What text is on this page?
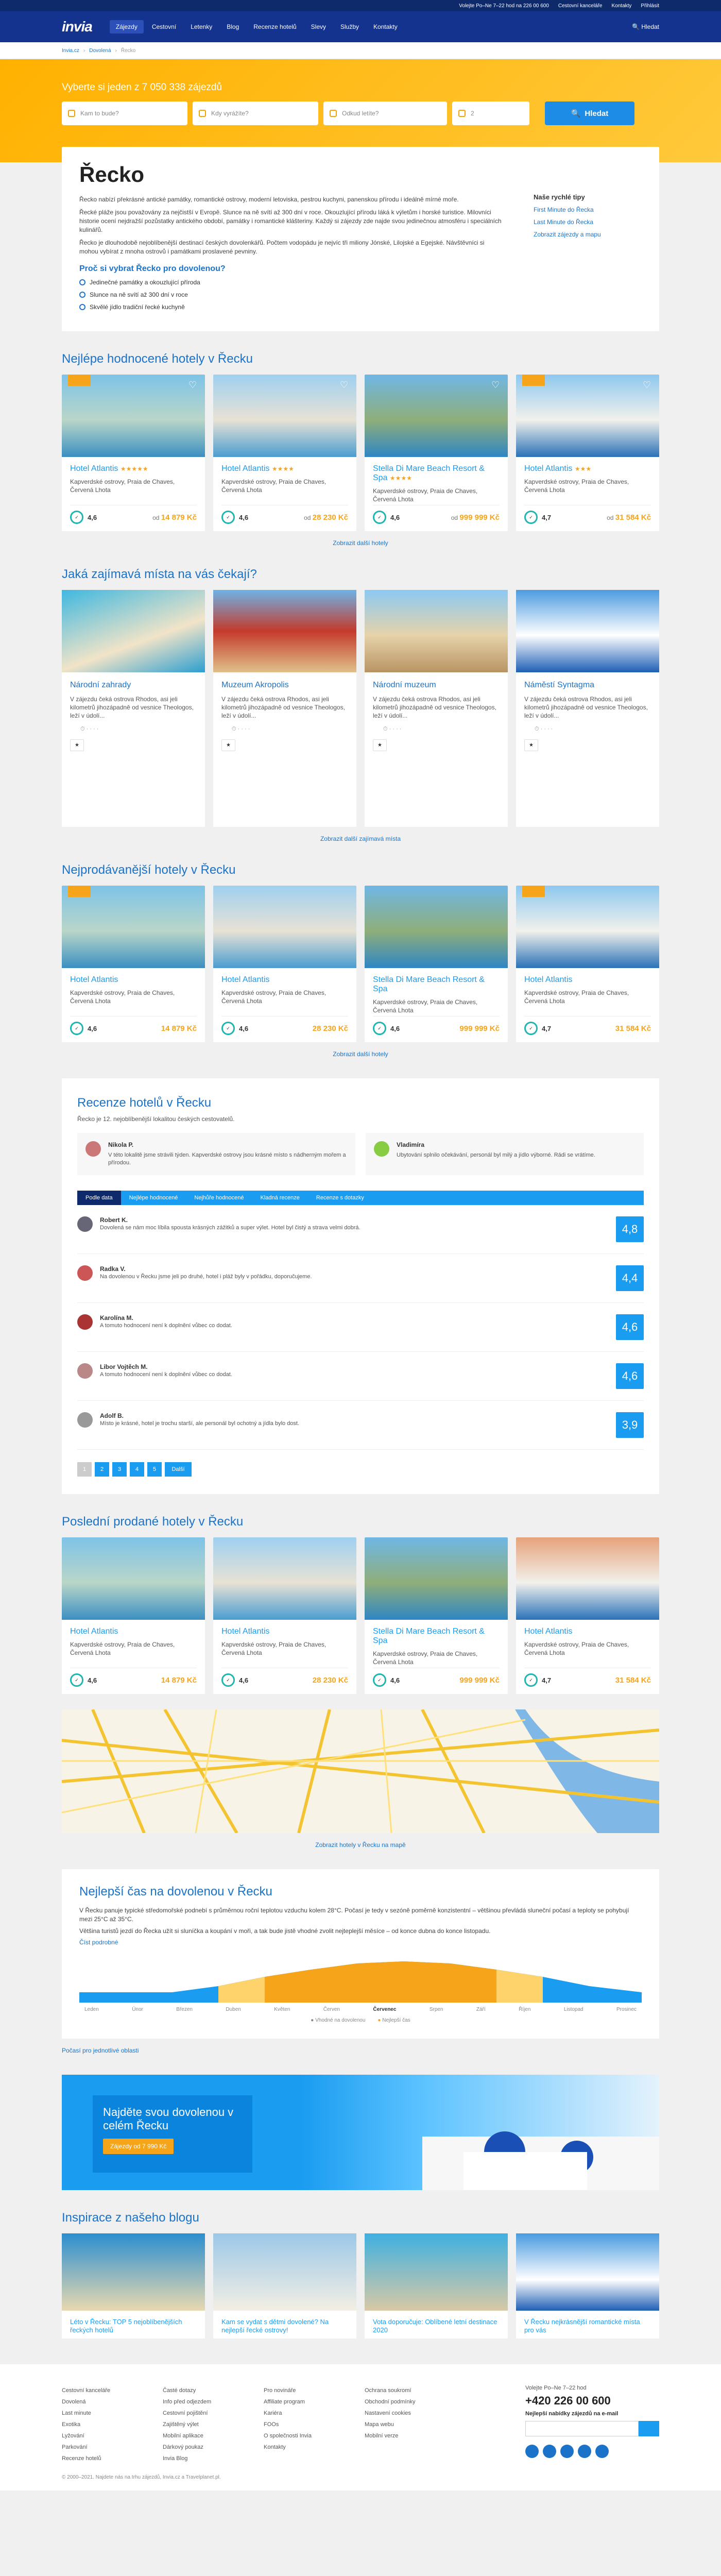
Volejte Po–Ne 7–22 hod na 226 00 600 Cestovní kanceláře Kontakty Přihlásit
invia	Zájezdy	Cestovní	Letenky	Blog	Recenze hotelů	Slevy	Služby	Kontakty	🔍 Hledat
Invia.cz › Dovolená › Řecko
Vyberte si jeden z 7 050 338 zájezdů
Kam to bude?	Kdy vyrážíte?	Odkud letíte?	2	🔍 Hledat
Řecko

Řecko nabízí překrásné antické památky, romantické ostrovy, moderní letoviska, pestrou kuchyni, panenskou přírodu i ideálně mírné moře.

Řecké pláže jsou považovány za nejčistší v Evropě. Slunce na ně svítí až 300 dní v roce. Okouzlující přírodu láká k výletům i horské turistice. Milovníci historie ocení nejdražší pozůstatky antického období, památky i romantické klášteriny. Každý si zájezdy zde najde svou jedinečnou atmosféru i speciálních kulinářů.

Řecko je dlouhodobě nejoblíbenější destinací českých dovolenkářů. Počtem vodopádu je nejvíc tři miliony Jónské, Lilojské a Egejské. Návštěvníci si mohou vybírat z mnoha ostrovů i památkami proslavené pevniny.

Proč si vybrat Řecko pro dovolenou?
Jedinečné památky a okouzlující příroda
Slunce na ně svítí až 300 dní v roce
Skvělé jídlo tradiční řecké kuchyně
Naše rychlé tipy
First Minute do Řecka
Last Minute do Řecka
Zobrazit zájezdy a mapu
Nejlépe hodnocené hotely v Řecku
♡
Hotel Atlantis ★★★★★
Kapverdské ostrovy, Praia de Chaves, Červená Lhota
✓	4,6	od 14 879 Kč
♡
Hotel Atlantis ★★★★
Kapverdské ostrovy, Praia de Chaves, Červená Lhota
✓	4,6	od 28 230 Kč
♡
Stella Di Mare Beach Resort & Spa ★★★★
Kapverdské ostrovy, Praia de Chaves, Červená Lhota
✓	4,6	od 999 999 Kč
♡
Hotel Atlantis ★★★
Kapverdské ostrovy, Praia de Chaves, Červená Lhota
✓	4,7	od 31 584 Kč
Zobrazit další hotely
Jaká zajímavá místa na vás čekají?
Národní zahrady
V zájezdu čeká ostrova Rhodos, asi jeli kilometrů jihozápadně od vesnice Theologos, leží v údolí...
⏱ · · · ·
★
Muzeum Akropolis
V zájezdu čeká ostrova Rhodos, asi jeli kilometrů jihozápadně od vesnice Theologos, leží v údolí...
⏱ · · · ·
★
Národní muzeum
V zájezdu čeká ostrova Rhodos, asi jeli kilometrů jihozápadně od vesnice Theologos, leží v údolí...
⏱ · · · ·
★
Náměstí Syntagma
V zájezdu čeká ostrova Rhodos, asi jeli kilometrů jihozápadně od vesnice Theologos, leží v údolí...
⏱ · · · ·
★
Zobrazit další zajímavá místa
Nejprodávanější hotely v Řecku
Hotel Atlantis
Kapverdské ostrovy, Praia de Chaves, Červená Lhota
✓	4,6	14 879 Kč
Hotel Atlantis
Kapverdské ostrovy, Praia de Chaves, Červená Lhota
✓	4,6	28 230 Kč
Stella Di Mare Beach Resort & Spa
Kapverdské ostrovy, Praia de Chaves, Červená Lhota
✓	4,6	999 999 Kč
Hotel Atlantis
Kapverdské ostrovy, Praia de Chaves, Červená Lhota
✓	4,7	31 584 Kč
Zobrazit další hotely
Recenze hotelů v Řecku
Řecko je 12. nejoblíbenější lokalitou českých cestovatelů.
Nikola P.
V této lokalitě jsme strávili týden. Kapverdské ostrovy jsou krásné místo s nádherným mořem a přírodou.
Vladimíra
Ubytování splnilo očekávání, personál byl milý a jídlo výborné. Rádi se vrátíme.
Podle data	Nejlépe hodnocené	Nejhůře hodnocené	Kladná recenze	Recenze s dotazky
Robert K.
Dovolená se nám moc líbila spousta krásných zážitků a super výlet. Hotel byl čistý a strava velmi dobrá.	4,8
Radka V.
Na dovolenou v Řecku jsme jeli po druhé, hotel i pláž byly v pořádku, doporučujeme.	4,4
Karolína M.
A tomuto hodnocení není k doplnění vůbec co dodat.	4,6
Libor Vojtěch M.
A tomuto hodnocení není k doplnění vůbec co dodat.	4,6
Adolf B.
Místo je krásné, hotel je trochu starší, ale personál byl ochotný a jídla bylo dost.	3,9
1	2	3	4	5	Další
Poslední prodané hotely v Řecku
Hotel Atlantis
Kapverdské ostrovy, Praia de Chaves, Červená Lhota
✓	4,6	14 879 Kč
Hotel Atlantis
Kapverdské ostrovy, Praia de Chaves, Červená Lhota
✓	4,6	28 230 Kč
Stella Di Mare Beach Resort & Spa
Kapverdské ostrovy, Praia de Chaves, Červená Lhota
✓	4,6	999 999 Kč
Hotel Atlantis
Kapverdské ostrovy, Praia de Chaves, Červená Lhota
✓	4,7	31 584 Kč
Zobrazit hotely v Řecku na mapě
Nejlepší čas na dovolenou v Řecku

V Řecku panuje typické středomořské podnebí s průměrnou roční teplotou vzduchu kolem 28°C. Počasí je tedy v sezóně poměrně konzistentní – většinou převládá sluneční počasí a teploty se pohybují mezi 25°C až 35°C.

Většina turistů jezdí do Řecka užít si sluníčka a koupání v moři, a tak bude jistě vhodné zvolit nejteplejší měsíce – od konce dubna do konce listopadu.

Číst podrobné
Leden	Únor	Březen	Duben	Květen	Červen	Červenec	Srpen	Září	Říjen	Listopad	Prosinec
● Vhodné na dovolenou ● Nejlepší čas
Počasí pro jednotlivé oblasti
Najděte svou dovolenou v celém Řecku
Zájezdy od 7 990 Kč
Inspirace z našeho blogu
Léto v Řecku: TOP 5 nejoblíbenějších řeckých hotelů
Kam se vydat s dětmi dovolené? Na nejlepší řecké ostrovy!
Vota doporučuje: Oblíbené letní destinace 2020
V Řecku nejkrásnější romantické místa pro vás
Cestovní kanceláře
Dovolená
Last minute
Exotika
Lyžování
Parkování
Recenze hotelů
Časté dotazy
Info před odjezdem
Cestovní pojištění
Zajištěný výlet
Mobilní aplikace
Dárkový poukaz
Invia Blog
Pro novináře
Affiliate program
Kariéra
FOOs
O společnosti Invia
Kontakty
Ochrana soukromí
Obchodní podmínky
Nastavení cookies
Mapa webu
Mobilní verze
Volejte Po–Ne 7–22 hod
+420 226 00 600
Nejlepší nabídky zájezdů na e-mail
© 2000–2021. Najdete nás na trhu zájezdů, Invia.cz a Travelplanet.pl.
